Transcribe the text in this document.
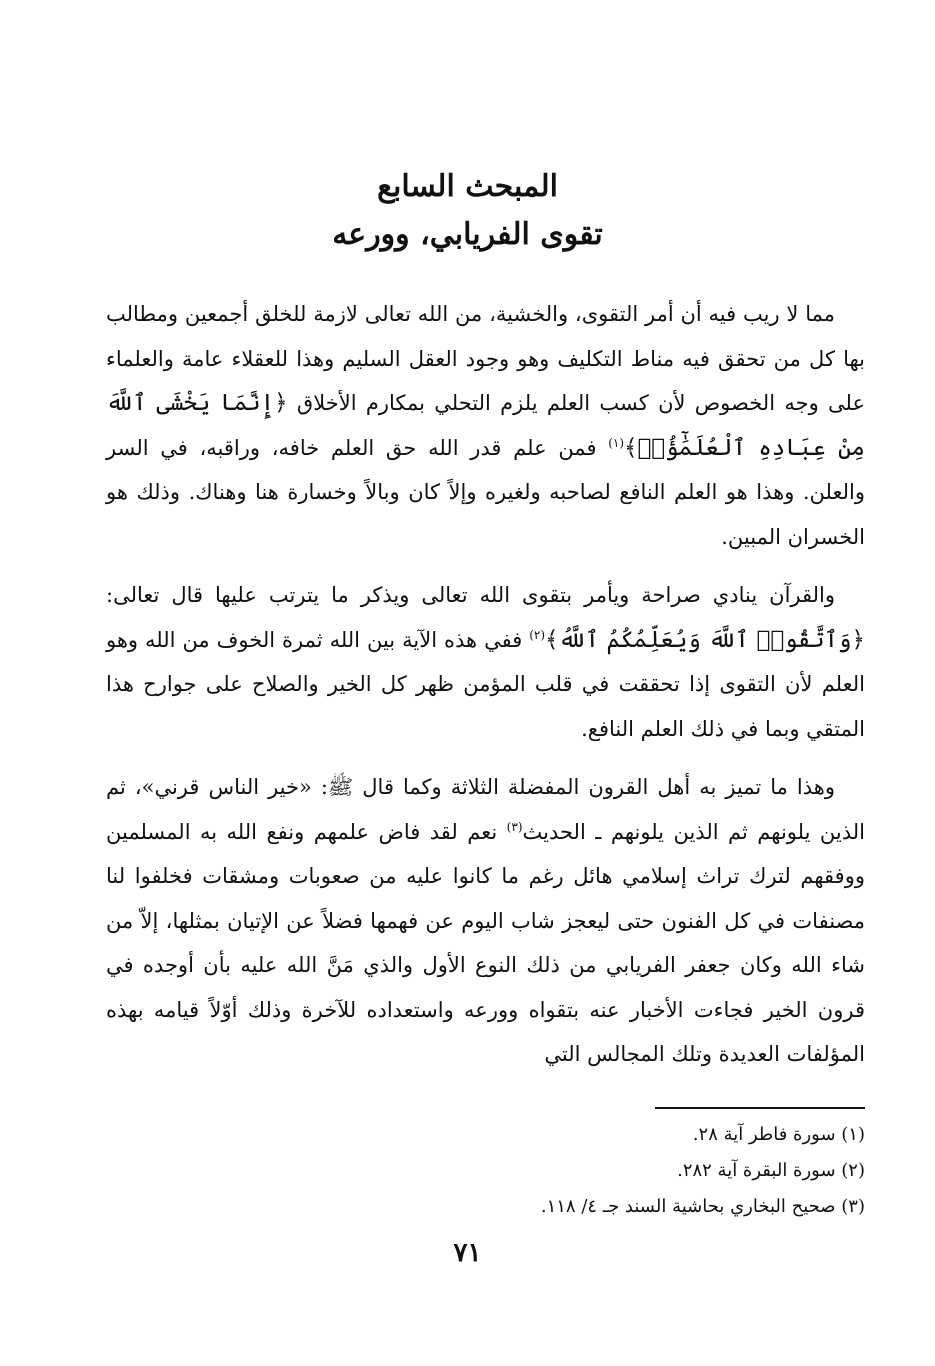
المبحث السابع
تقوى الفريابي، وورعه

مما لا ريب فيه أن أمر التقوى، والخشية، من الله تعالى لازمة للخلق أجمعين ومطالب بها كل من تحقق فيه مناط التكليف وهو وجود العقل السليم وهذا للعقلاء عامة والعلماء على وجه الخصوص لأن كسب العلم يلزم التحلي بمكارم الأخلاق ﴿إِنَّمَا يَخْشَى ٱللَّهَ مِنْ عِبَادِهِ ٱلْعُلَمَٰٓؤُا۟﴾$^{(١)}$ فمن علم قدر الله حق العلم خافه، وراقبه، في السر والعلن. وهذا هو العلم النافع لصاحبه ولغيره وإلاً كان وبالاً وخسارة هنا وهناك. وذلك هو الخسران المبين.

والقرآن ينادي صراحة ويأمر بتقوى الله تعالى ويذكر ما يترتب عليها قال تعالى: ﴿وَٱتَّقُوا۟ ٱللَّهَ وَيُعَلِّمُكُمُ ٱللَّهُ﴾$^{(٢)}$ ففي هذه الآية بين الله ثمرة الخوف من الله وهو العلم لأن التقوى إذا تحققت في قلب المؤمن ظهر كل الخير والصلاح على جوارح هذا المتقي وبما في ذلك العلم النافع.

وهذا ما تميز به أهل القرون المفضلة الثلاثة وكما قال ﷺ: «خير الناس قرني»، ثم الذين يلونهم ثم الذين يلونهم ـ الحديث$^{(٣)}$ نعم لقد فاض علمهم ونفع الله به المسلمين ووفقهم لترك تراث إسلامي هائل رغم ما كانوا عليه من صعوبات ومشقات فخلفوا لنا مصنفات في كل الفنون حتى ليعجز شاب اليوم عن فهمها فضلاً عن الإتيان بمثلها، إلاّ من شاء الله وكان جعفر الفريابي من ذلك النوع الأول والذي مَنَّ الله عليه بأن أوجده في قرون الخير فجاءت الأخبار عنه بتقواه وورعه واستعداده للآخرة وذلك أوّلاً قيامه بهذه المؤلفات العديدة وتلك المجالس التي

(١) سورة فاطر آية ٢٨.
(٢) سورة البقرة آية ٢٨٢.
(٣) صحيح البخاري بحاشية السند جـ ٤/ ١١٨.
٧١
